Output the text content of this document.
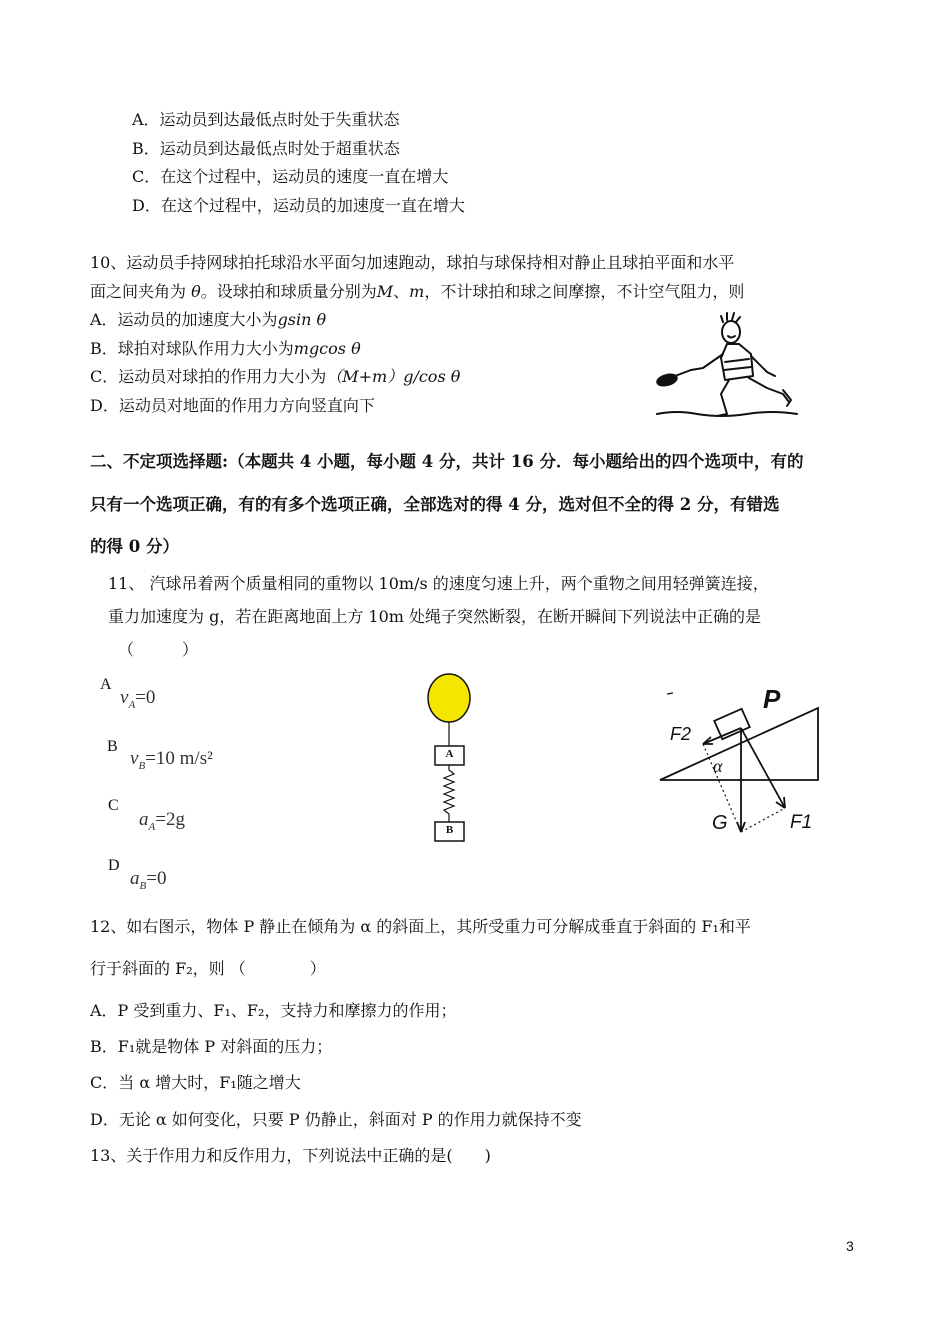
A．运动员到达最低点时处于失重状态
B．运动员到达最低点时处于超重状态
C．在这个过程中，运动员的速度一直在增大
D．在这个过程中，运动员的加速度一直在增大
10、运动员手持网球拍托球沿水平面匀加速跑动，球拍与球保持相对静止且球拍平面和水平
面之间夹角为 θ。设球拍和球质量分别为M、m，不计球拍和球之间摩擦，不计空气阻力，则
A．运动员的加速度大小为gsin θ
B．球拍对球队作用力大小为mgcos θ
C．运动员对球拍的作用力大小为（M+m）g/cos θ
D．运动员对地面的作用力方向竖直向下
二、不定项选择题:（本题共 4 小题，每小题 4 分，共计 16 分．每小题给出的四个选项中，有的
只有一个选项正确，有的有多个选项正确，全部选对的得 4 分，选对但不全的得 2 分，有错选
的得 0 分）
11、 汽球吊着两个质量相同的重物以 10m/s 的速度匀速上升，两个重物之间用轻弹簧连接，
重力加速度为 g，若在距离地面上方 10m 处绳子突然断裂，在断开瞬间下列说法中正确的是
（　　　）
A
$v_A=0$
B
$v_B=10$ m/s²
C
$a_A=2g$
D
$a_B=0$
A
B
P
F2
α
G	F1
12、如右图示，物体 P 静止在倾角为 α 的斜面上，其所受重力可分解成垂直于斜面的 F₁和平
行于斜面的 F₂，则 （　　　　）
A．P 受到重力、F₁、F₂，支持力和摩擦力的作用；
B．F₁就是物体 P 对斜面的压力；
C．当 α 增大时，F₁随之增大
D．无论 α 如何变化，只要 P 仍静止，斜面对 P 的作用力就保持不变
13、关于作用力和反作用力，下列说法中正确的是(　　)
3
